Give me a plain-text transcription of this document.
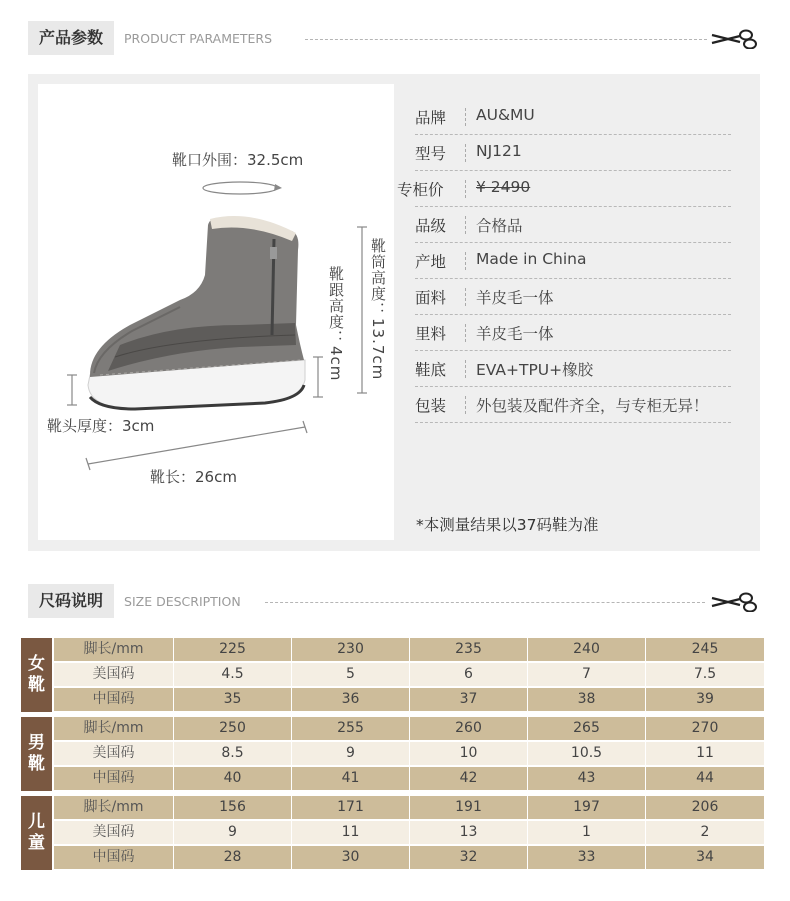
产品参数	PRODUCT PARAMETERS
靴口外围：32.5cm
靴筒高度：13.7cm
靴跟高度：4cm
靴头厚度：3cm
靴长：26cm
品牌 AU&MU
型号 NJ121
专柜价 ¥ 2490
品级 合格品
产地 Made in China
面料 羊皮毛一体
里料 羊皮毛一体
鞋底 EVA+TPU+橡胶
包装 外包装及配件齐全，与专柜无异！
*本测量结果以37码鞋为准
尺码说明	SIZE DESCRIPTION
女靴
脚长/mm	225	230	235	240	245
美国码	4.5	5	6	7	7.5
中国码	35	36	37	38	39
男靴
脚长/mm	250	255	260	265	270
美国码	8.5	9	10	10.5	11
中国码	40	41	42	43	44
儿童
脚长/mm	156	171	191	197	206
美国码	9	11	13	1	2
中国码	28	30	32	33	34
